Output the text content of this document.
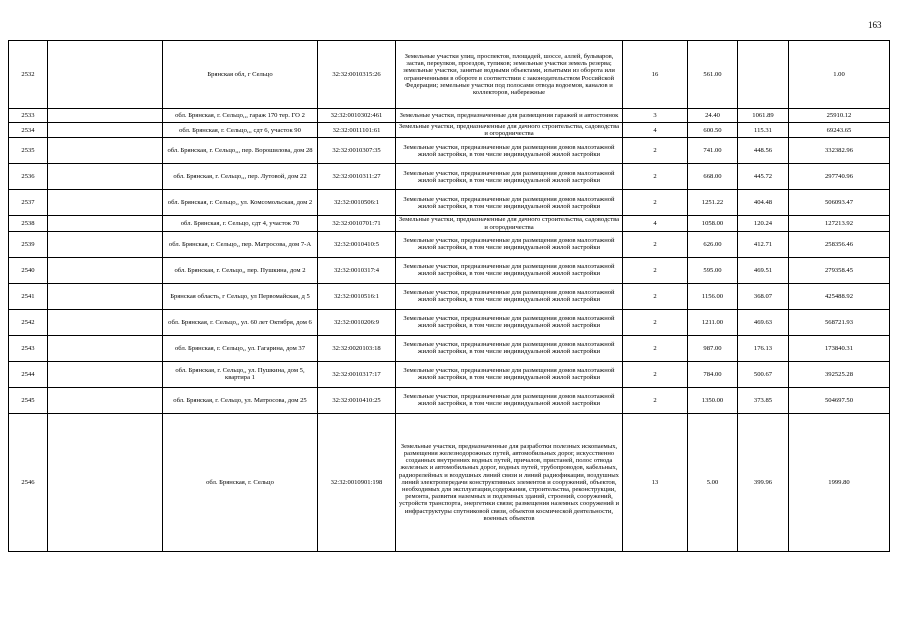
163
2532		Брянская обл, г Сельцо	32:32:0010315:26	Земельные участки улиц, проспектов, площадей, шоссе, аллей, бульваров, застав, переулков, проездов, тупиков; земельные участки земель резерва; земельные участки, занятые водными объектами, изъятыми из оборота или ограниченными в обороте в соответствии с законодательством Российской Федерации; земельные участки под полосами отвода водоемов, каналов и коллекторов, набережные	16	561.00		1.00
2533		обл. Брянская, г. Сельцо,,, гараж 170 тер. ГО 2	32:32:0010302:461	Земельные участки, предназначенные для размещения гаражей и автостоянок	3	24.40	1061.89	25910.12
2534		обл. Брянская, г. Сельцо,,, сдт 6, участок 90	32:32:0011101:61	Земельные участки, предназначенные для дачного строительства, садоводства и огородничества	4	600.50	115.31	69243.65
2535		обл. Брянская, г. Сельцо,,, пер. Ворошилова, дом 28	32:32:0010307:35	Земельные участки, предназначенные для размещения домов малоэтажной жилой застройки, в том числе индивидуальной жилой застройки	2	741.00	448.56	332382.96
2536		обл. Брянская, г. Сельцо,,, пер. Лутовой, дом 22	32:32:0010311:27	Земельные участки, предназначенные для размещения домов малоэтажной жилой застройки, в том числе индивидуальной жилой застройки	2	668.00	445.72	297740.96
2537		обл. Брянская, г. Сельцо,, ул. Комсомольская, дом 2	32:32:0010506:1	Земельные участки, предназначенные для размещения домов малоэтажной жилой застройки, в том числе индивидуальной жилой застройки	2	1251.22	404.48	506093.47
2538		обл. Брянская, г. Сельцо, сдт 4, участок 70	32:32:0010701:71	Земельные участки, предназначенные для дачного строительства, садоводства и огородничества	4	1058.00	120.24	127213.92
2539		обл. Брянская, г. Сельцо,, пер. Матросова, дом 7-А	32:32:0010410:5	Земельные участки, предназначенные для размещения домов малоэтажной жилой застройки, в том числе индивидуальной жилой застройки	2	626.00	412.71	258356.46
2540		обл. Брянская, г. Сельцо,, пер. Пушкина, дом 2	32:32:0010317:4	Земельные участки, предназначенные для размещения домов малоэтажной жилой застройки, в том числе индивидуальной жилой застройки	2	595.00	469.51	279358.45
2541		Брянская область, г Сельцо, ул Первомайская, д 5	32:32:0010516:1	Земельные участки, предназначенные для размещения домов малоэтажной жилой застройки, в том числе индивидуальной жилой застройки	2	1156.00	368.07	425488.92
2542		обл. Брянская, г. Сельцо,, ул. 60 лет Октября, дом 6	32:32:0010206:9	Земельные участки, предназначенные для размещения домов малоэтажной жилой застройки, в том числе индивидуальной жилой застройки	2	1211.00	469.63	568721.93
2543		обл. Брянская, г. Сельцо,, ул. Гагарина, дом 37	32:32:0020103:18	Земельные участки, предназначенные для размещения домов малоэтажной жилой застройки, в том числе индивидуальной жилой застройки	2	987.00	176.13	173840.31
2544		обл. Брянская, г. Сельцо,, ул. Пушкина, дом 5, квартира 1	32:32:0010317:17	Земельные участки, предназначенные для размещения домов малоэтажной жилой застройки, в том числе индивидуальной жилой застройки	2	784.00	500.67	392525.28
2545		обл. Брянская, г. Сельцо, ул. Матросова, дом 25	32:32:0010410:25	Земельные участки, предназначенные для размещения домов малоэтажной жилой застройки, в том числе индивидуальной жилой застройки	2	1350.00	373.85	504697.50
2546		обл. Брянская, г. Сельцо	32:32:0010901:198	Земельные участки, предназначенные для разработки полезных ископаемых, размещения железнодорожных путей, автомобильных дорог, искусственно созданных внутренних водных путей, причалов, пристаней, полос отвода железных и автомобильных дорог, водных путей, трубопроводов, кабельных, радиорелейных и воздушных линий связи и линий радиофикации, воздушных линий электропередачи конструктивных элементов и сооружений, объектов, необходимых для эксплуатации,содержания, строительства, реконструкции, ремонта, развития наземных и подземных зданий, строений, сооружений, устройств транспорта, энергетики связи; размещения наземных сооружений и инфраструктуры спутниковой связи, объектов космической деятельности, военных объектов	13	5.00	399.96	1999.80
